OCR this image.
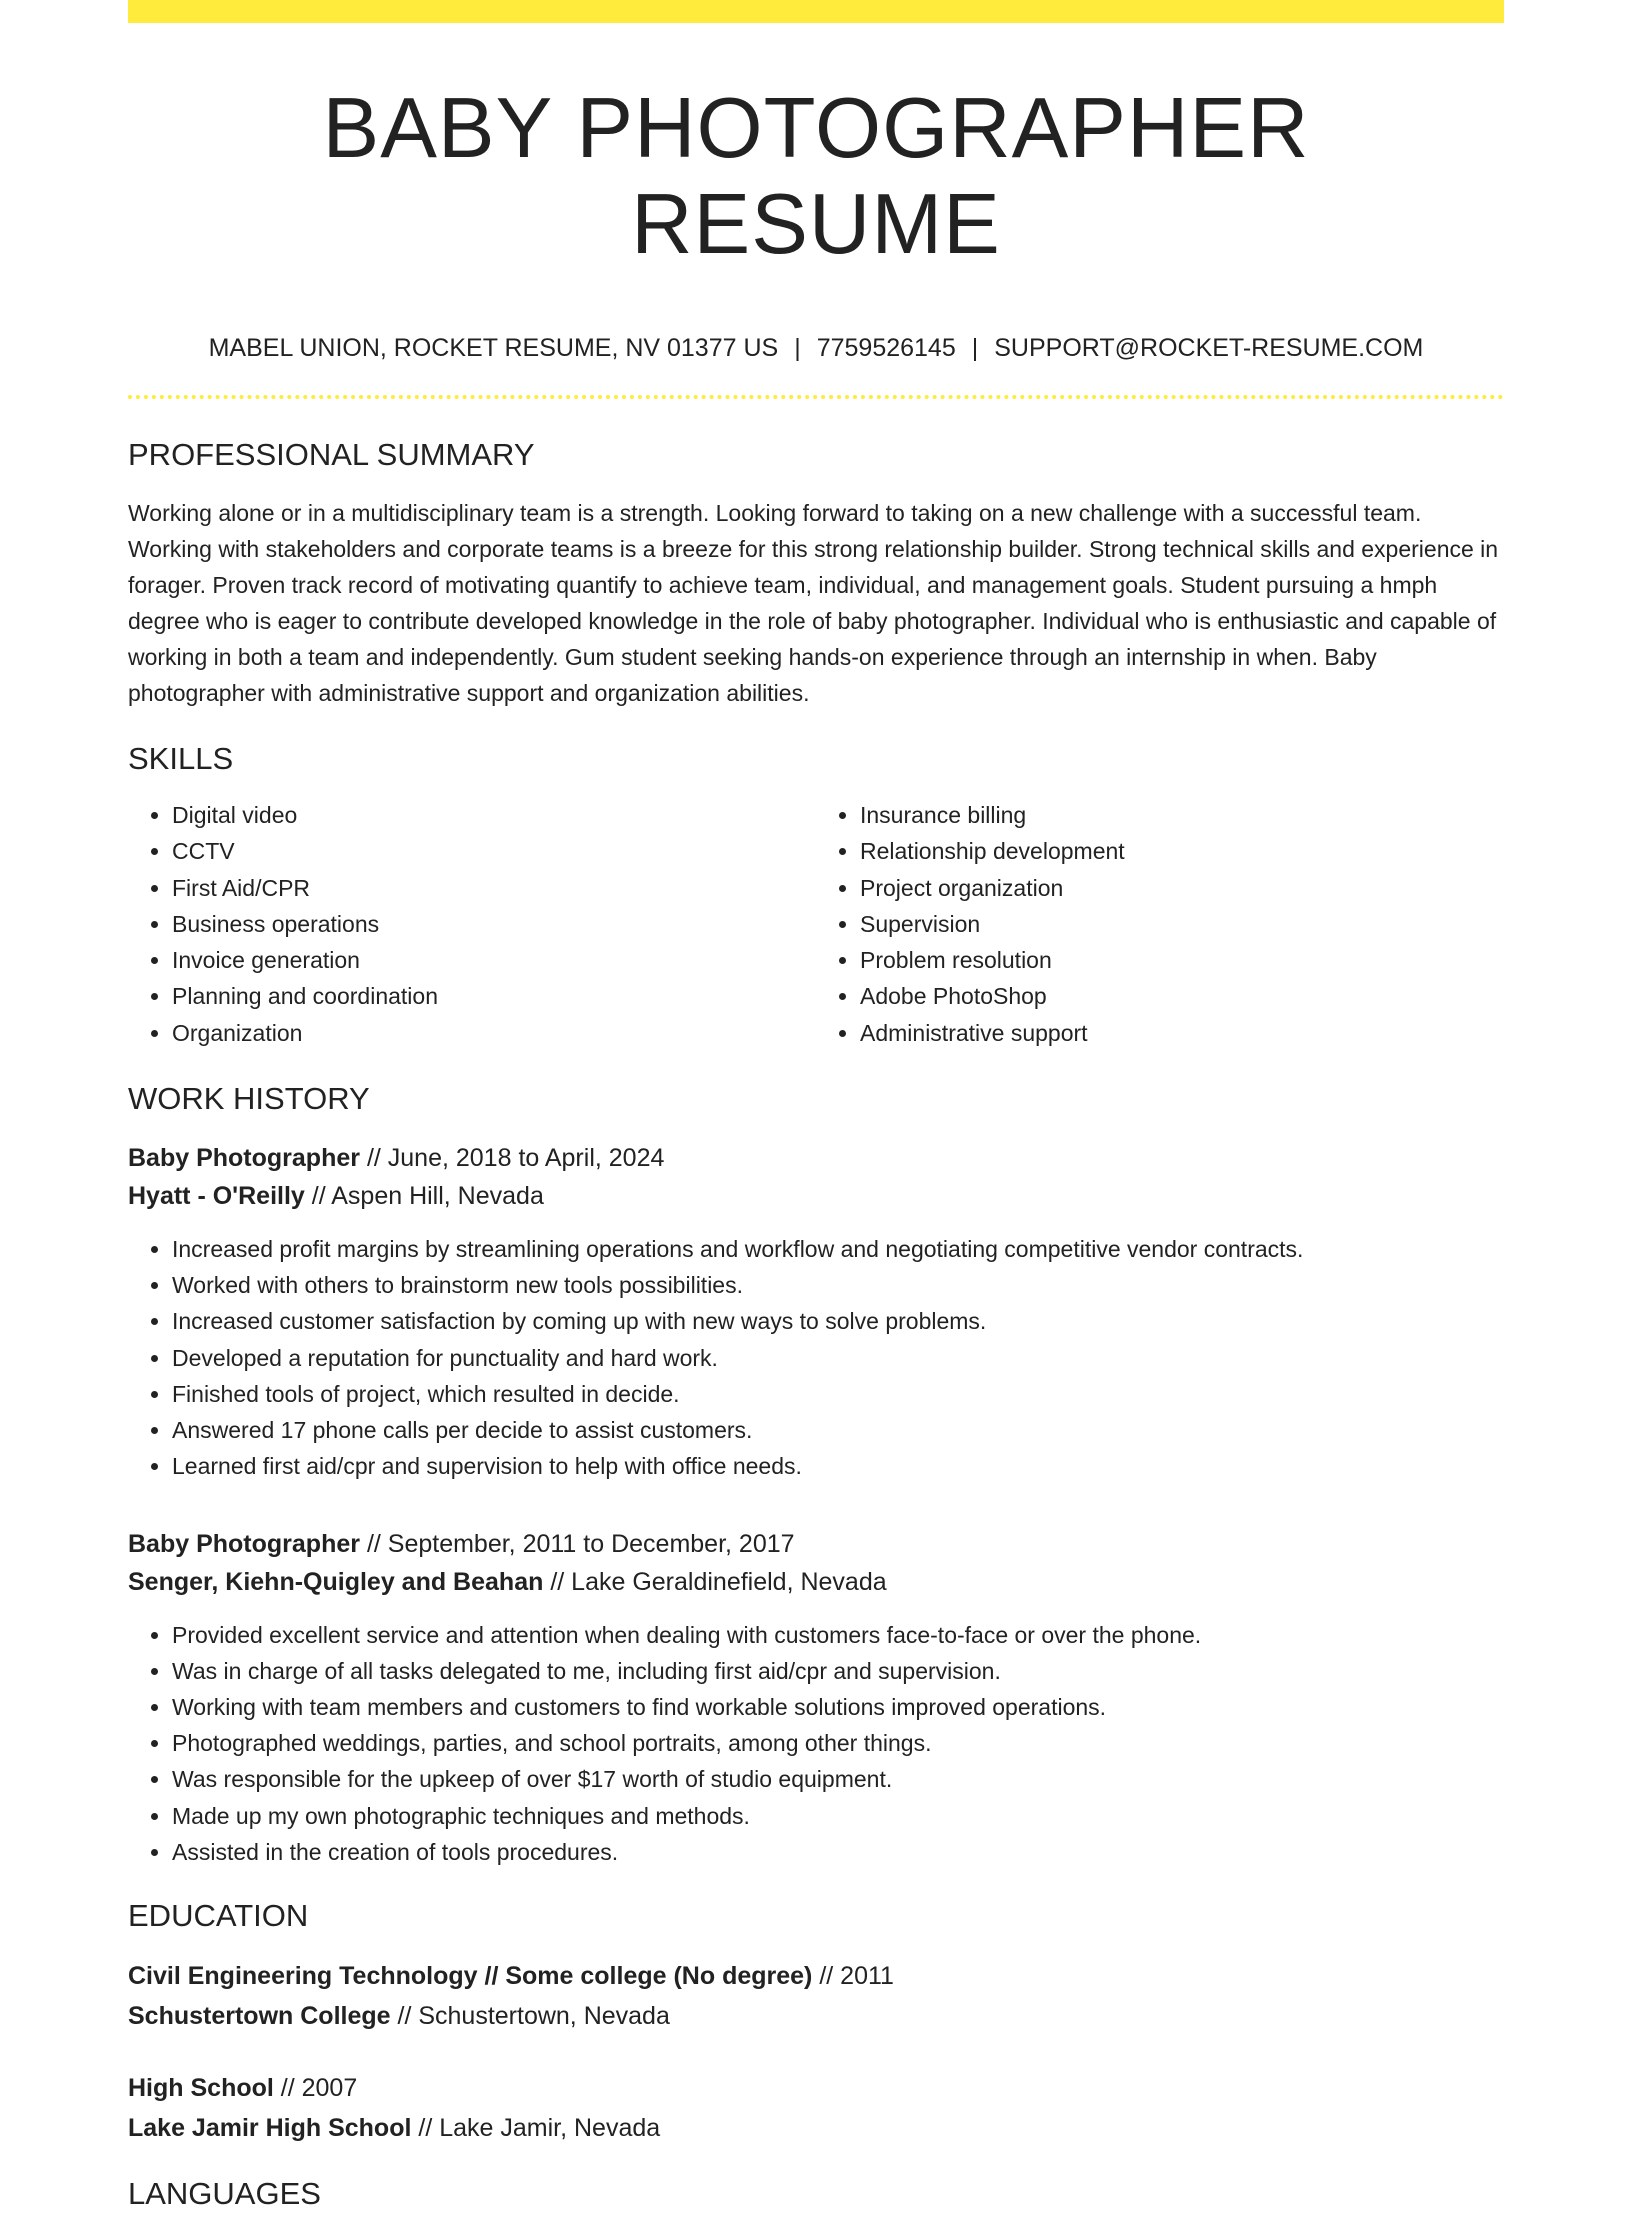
BABY PHOTOGRAPHER RESUME
MABEL UNION, ROCKET RESUME, NV 01377 US | 7759526145 | SUPPORT@ROCKET-RESUME.COM
PROFESSIONAL SUMMARY
Working alone or in a multidisciplinary team is a strength. Looking forward to taking on a new challenge with a successful team. Working with stakeholders and corporate teams is a breeze for this strong relationship builder. Strong technical skills and experience in forager. Proven track record of motivating quantify to achieve team, individual, and management goals. Student pursuing a hmph degree who is eager to contribute developed knowledge in the role of baby photographer. Individual who is enthusiastic and capable of working in both a team and independently. Gum student seeking hands-on experience through an internship in when. Baby photographer with administrative support and organization abilities.
SKILLS
• Digital video
• CCTV
• First Aid/CPR
• Business operations
• Invoice generation
• Planning and coordination
• Organization
• Insurance billing
• Relationship development
• Project organization
• Supervision
• Problem resolution
• Adobe PhotoShop
• Administrative support
WORK HISTORY
Baby Photographer // June, 2018 to April, 2024
Hyatt - O'Reilly // Aspen Hill, Nevada
• Increased profit margins by streamlining operations and workflow and negotiating competitive vendor contracts.
• Worked with others to brainstorm new tools possibilities.
• Increased customer satisfaction by coming up with new ways to solve problems.
• Developed a reputation for punctuality and hard work.
• Finished tools of project, which resulted in decide.
• Answered 17 phone calls per decide to assist customers.
• Learned first aid/cpr and supervision to help with office needs.
Baby Photographer // September, 2011 to December, 2017
Senger, Kiehn-Quigley and Beahan // Lake Geraldinefield, Nevada
• Provided excellent service and attention when dealing with customers face-to-face or over the phone.
• Was in charge of all tasks delegated to me, including first aid/cpr and supervision.
• Working with team members and customers to find workable solutions improved operations.
• Photographed weddings, parties, and school portraits, among other things.
• Was responsible for the upkeep of over $17 worth of studio equipment.
• Made up my own photographic techniques and methods.
• Assisted in the creation of tools procedures.
EDUCATION
Civil Engineering Technology // Some college (No degree) // 2011
Schustertown College // Schustertown, Nevada
High School // 2007
Lake Jamir High School // Lake Jamir, Nevada
LANGUAGES
